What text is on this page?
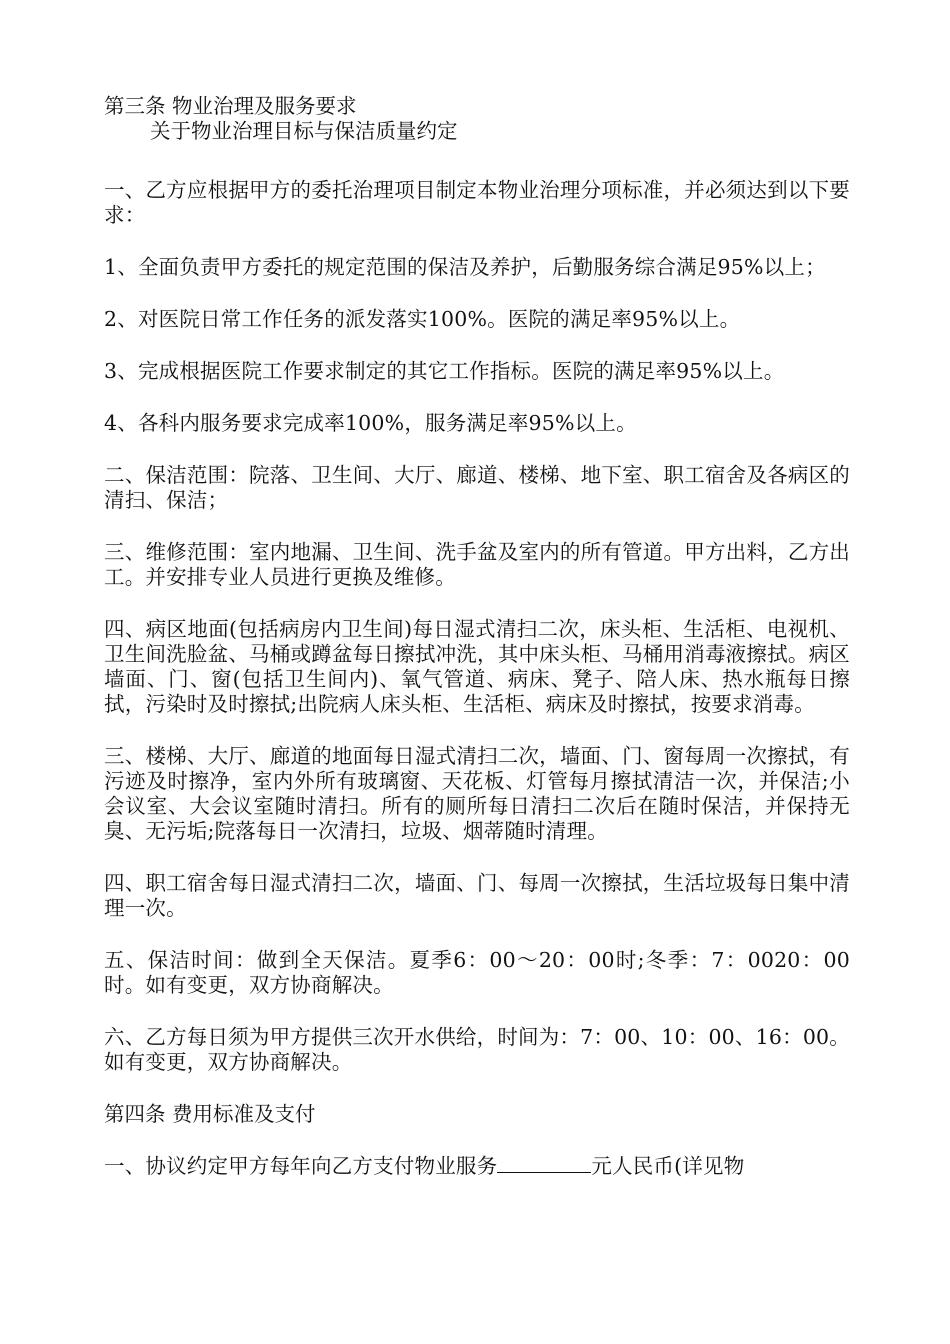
第三条 物业治理及服务要求

关于物业治理目标与保洁质量约定

一、乙方应根据甲方的委托治理项目制定本物业治理分项标准，并必须达到以下要求：

1、全面负责甲方委托的规定范围的保洁及养护，后勤服务综合满足95%以上；

2、对医院日常工作任务的派发落实100%。医院的满足率95%以上。

3、完成根据医院工作要求制定的其它工作指标。医院的满足率95%以上。

4、各科内服务要求完成率100%，服务满足率95%以上。

二、保洁范围：院落、卫生间、大厅、廊道、楼梯、地下室、职工宿舍及各病区的清扫、保洁；

三、维修范围：室内地漏、卫生间、洗手盆及室内的所有管道。甲方出料，乙方出工。并安排专业人员进行更换及维修。

四、病区地面(包括病房内卫生间)每日湿式清扫二次，床头柜、生活柜、电视机、卫生间洗脸盆、马桶或蹲盆每日擦拭冲洗，其中床头柜、马桶用消毒液擦拭。病区墙面、门、窗(包括卫生间内)、氧气管道、病床、凳子、陪人床、热水瓶每日擦拭，污染时及时擦拭;出院病人床头柜、生活柜、病床及时擦拭，按要求消毒。

三、楼梯、大厅、廊道的地面每日湿式清扫二次，墙面、门、窗每周一次擦拭，有污迹及时擦净，室内外所有玻璃窗、天花板、灯管每月擦拭清洁一次，并保洁;小会议室、大会议室随时清扫。所有的厕所每日清扫二次后在随时保洁，并保持无臭、无污垢;院落每日一次清扫，垃圾、烟蒂随时清理。

四、职工宿舍每日湿式清扫二次，墙面、门、每周一次擦拭，生活垃圾每日集中清理一次。

五、保洁时间：做到全天保洁。夏季6：00～20：00时;冬季：7：0020：00时。如有变更，双方协商解决。

六、乙方每日须为甲方提供三次开水供给，时间为：7：00、10：00、16：00。如有变更，双方协商解决。

第四条 费用标准及支付

一、协议约定甲方每年向乙方支付物业服务	元人民币(详见物
